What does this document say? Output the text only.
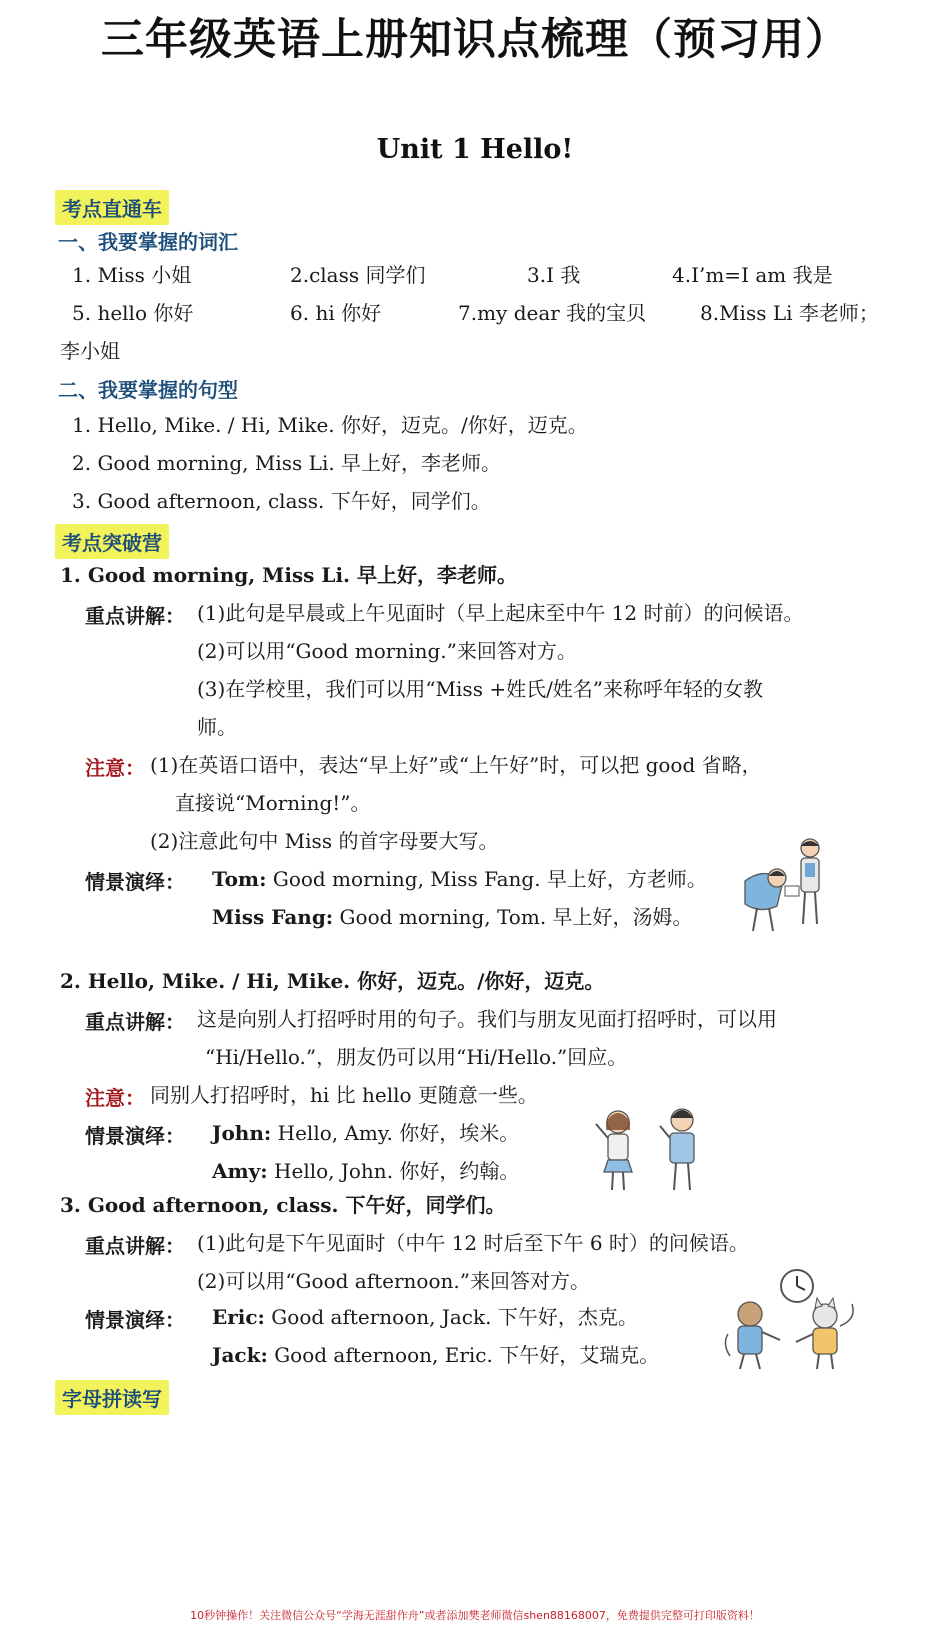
三年级英语上册知识点梳理（预习用）
Unit 1 Hello!
考点直通车
一、我要掌握的词汇
1. Miss 小姐	2.class 同学们	3.I 我	4.I’m=I am 我是
5. hello 你好	6. hi 你好	7.my dear 我的宝贝	8.Miss Li 李老师；
李小姐
二、我要掌握的句型
1. Hello, Mike. / Hi, Mike. 你好，迈克。/你好，迈克。
2. Good morning, Miss Li. 早上好，李老师。
3. Good afternoon, class. 下午好，同学们。
考点突破营
1. Good morning, Miss Li. 早上好，李老师。
重点讲解： (1)此句是早晨或上午见面时（早上起床至中午 12 时前）的问候语。
(2)可以用“Good morning.”来回答对方。
(3)在学校里，我们可以用“Miss +姓氏/姓名”来称呼年轻的女教
师。
注意： (1)在英语口语中，表达“早上好”或“上午好”时，可以把 good 省略，
直接说“Morning!”。
(2)注意此句中 Miss 的首字母要大写。
情景演绎： Tom: Good morning, Miss Fang. 早上好，方老师。
Miss Fang: Good morning, Tom. 早上好，汤姆。
2. Hello, Mike. / Hi, Mike. 你好，迈克。/你好，迈克。
重点讲解： 这是向别人打招呼时用的句子。我们与朋友见面打招呼时，可以用
“Hi/Hello.”，朋友仍可以用“Hi/Hello.”回应。
注意： 同别人打招呼时，hi 比 hello 更随意一些。
情景演绎： John: Hello, Amy. 你好，埃米。
Amy: Hello, John. 你好，约翰。
3. Good afternoon, class. 下午好，同学们。
重点讲解： (1)此句是下午见面时（中午 12 时后至下午 6 时）的问候语。
(2)可以用“Good afternoon.”来回答对方。
情景演绎： Eric: Good afternoon, Jack. 下午好，杰克。
Jack: Good afternoon, Eric. 下午好，艾瑞克。
字母拼读写
10秒钟操作！关注微信公众号“学海无涯甜作舟”或者添加樊老师微信shen88168007，免费提供完整可打印版资料！
